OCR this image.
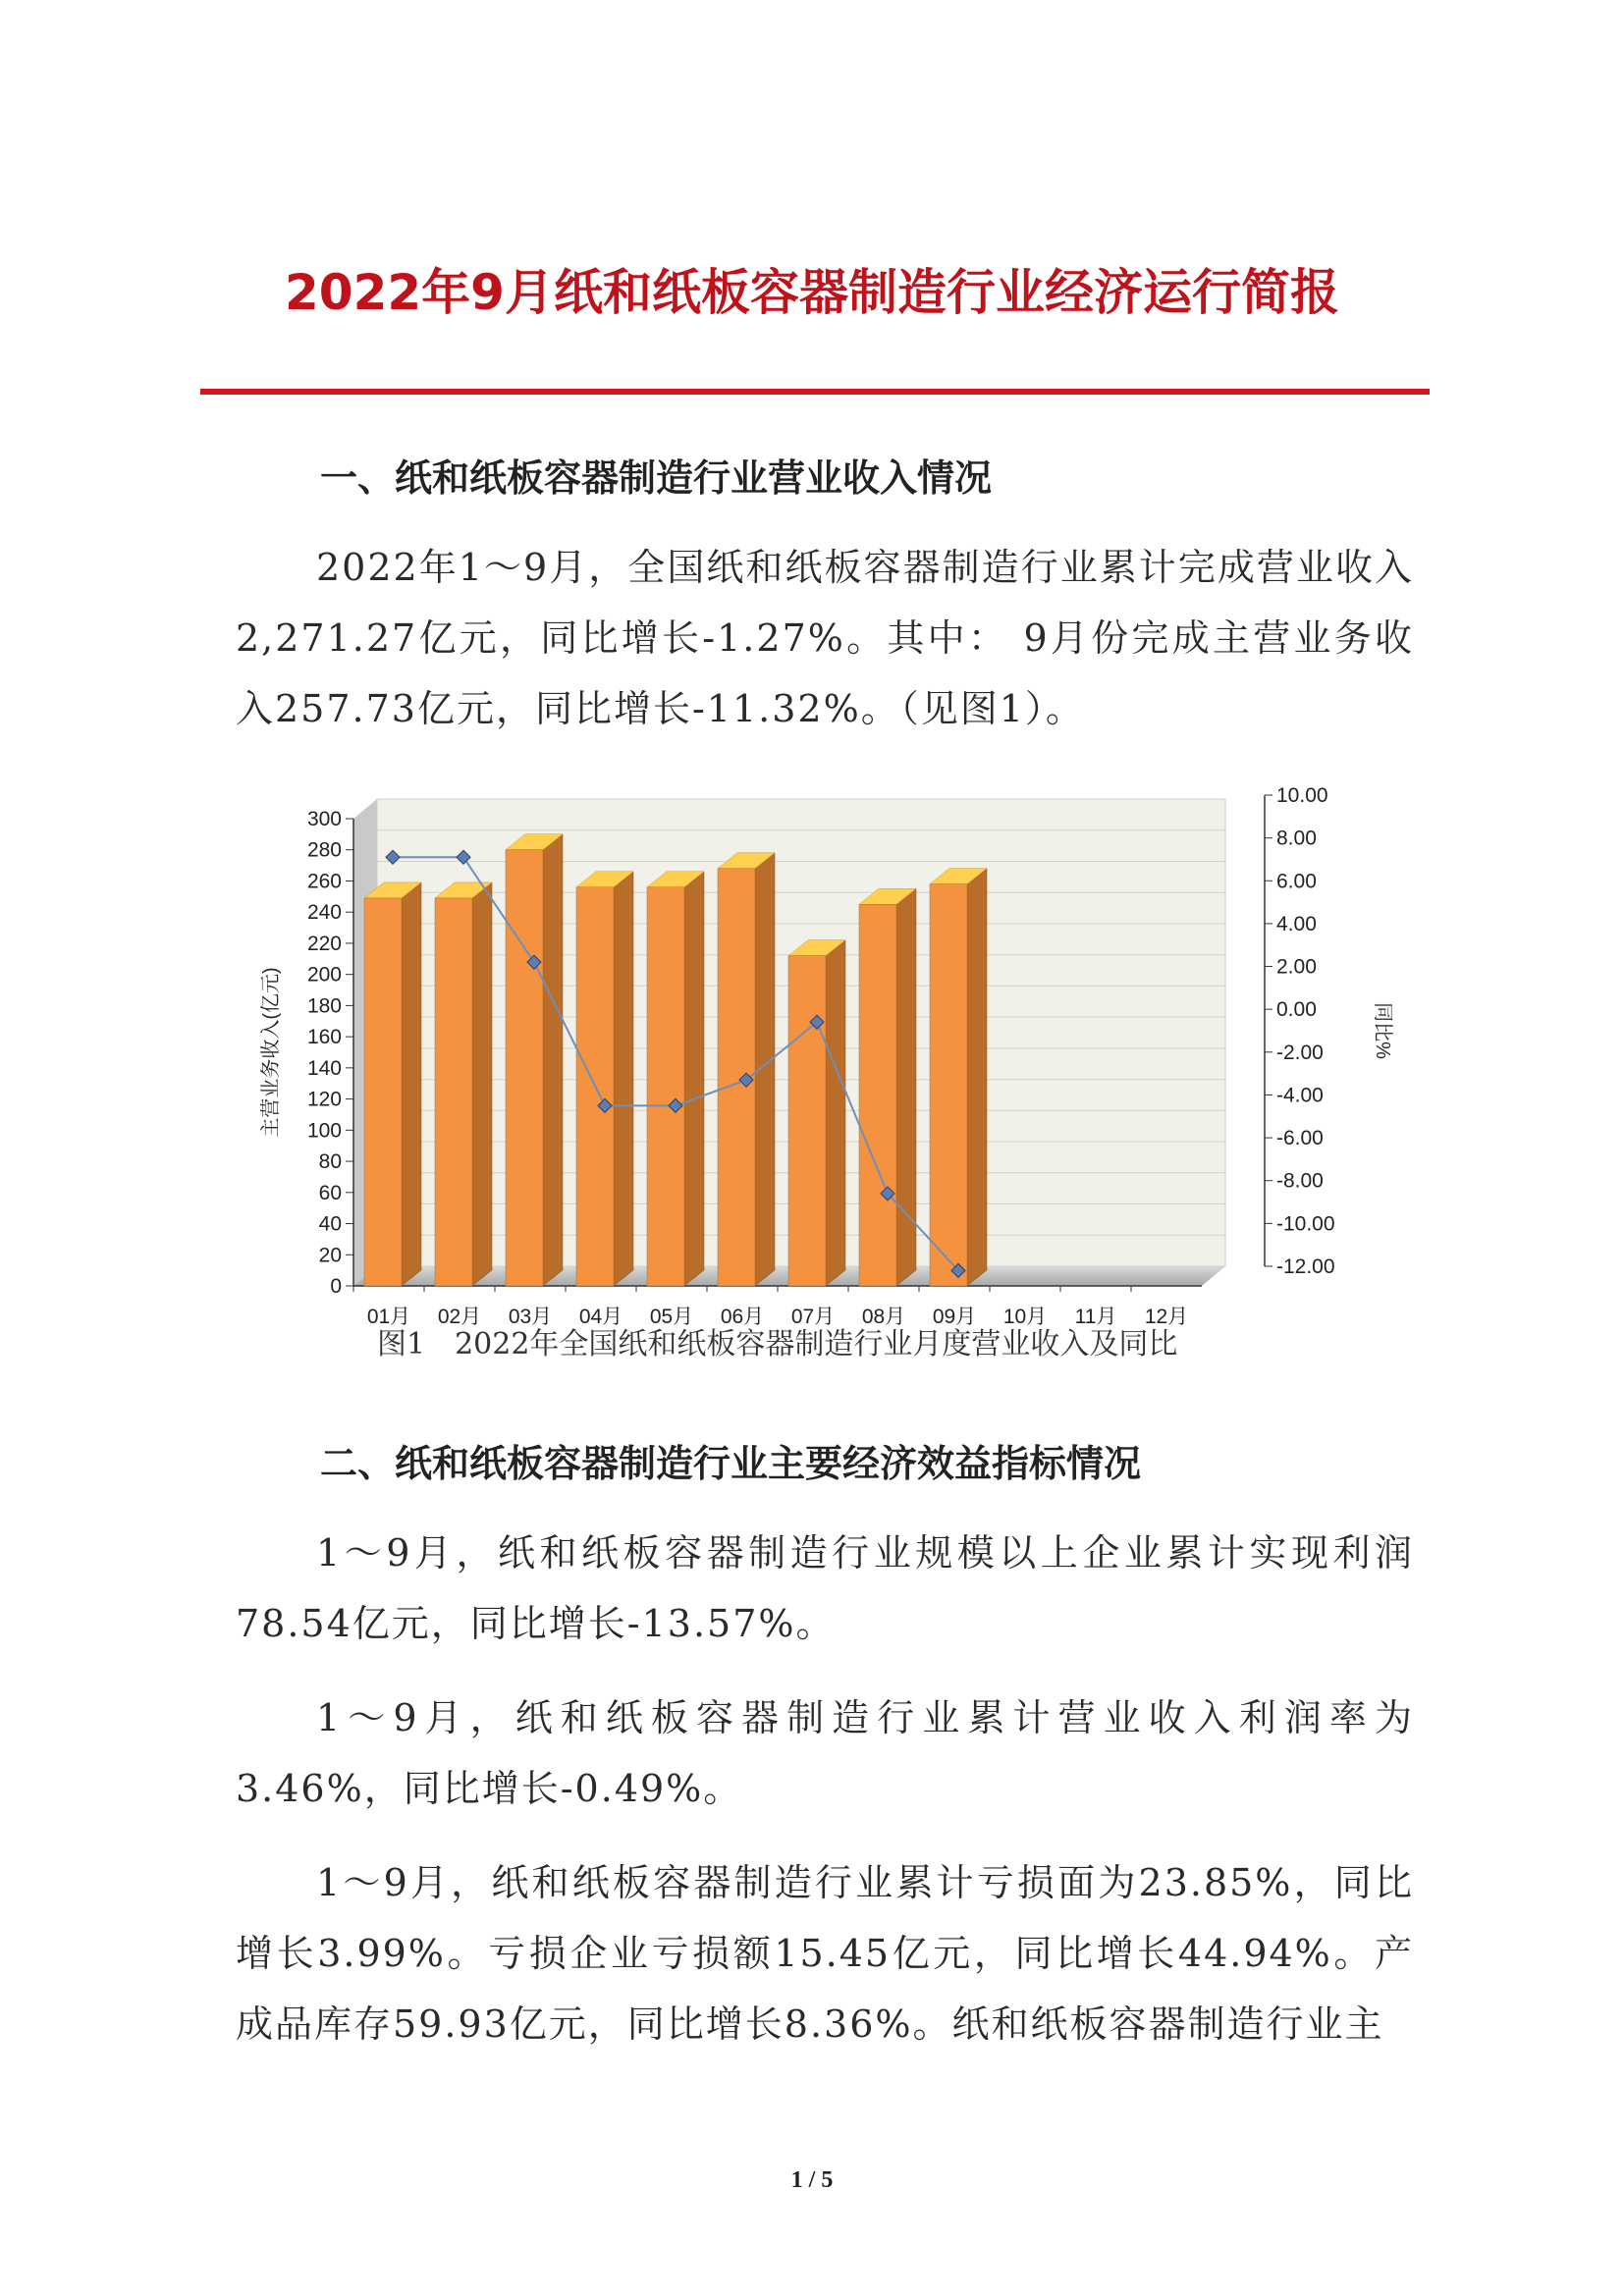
2022年9月纸和纸板容器制造行业经济运行简报
一、纸和纸板容器制造行业营业收入情况

2022年1～9月，全国纸和纸板容器制造行业累计完成营业收入2,271.27亿元，同比增长-1.27%。其中： 9月份完成主营业务收入257.73亿元，同比增长-11.32%。（见图1）。

0
20
40
60
80
100
120
140
160
180
200
220
240
260
280
300
-12.00
-10.00
-8.00
-6.00
-4.00
-2.00
0.00
2.00
4.00
6.00
8.00
10.00
01月 02月 03月 04月 05月 06月 07月 08月 09月 10月 11月 12月
主营业务收入(亿元)	同比%
图1　2022年全国纸和纸板容器制造行业月度营业收入及同比
二、纸和纸板容器制造行业主要经济效益指标情况

1～9月，纸和纸板容器制造行业规模以上企业累计实现利润78.54亿元，同比增长-13.57%。

1～9月，纸和纸板容器制造行业累计营业收入利润率为3.46%，同比增长-0.49%。

1～9月，纸和纸板容器制造行业累计亏损面为23.85%，同比增长3.99%。亏损企业亏损额15.45亿元，同比增长44.94%。产成品库存59.93亿元，同比增长8.36%。纸和纸板容器制造行业主

1 / 5
